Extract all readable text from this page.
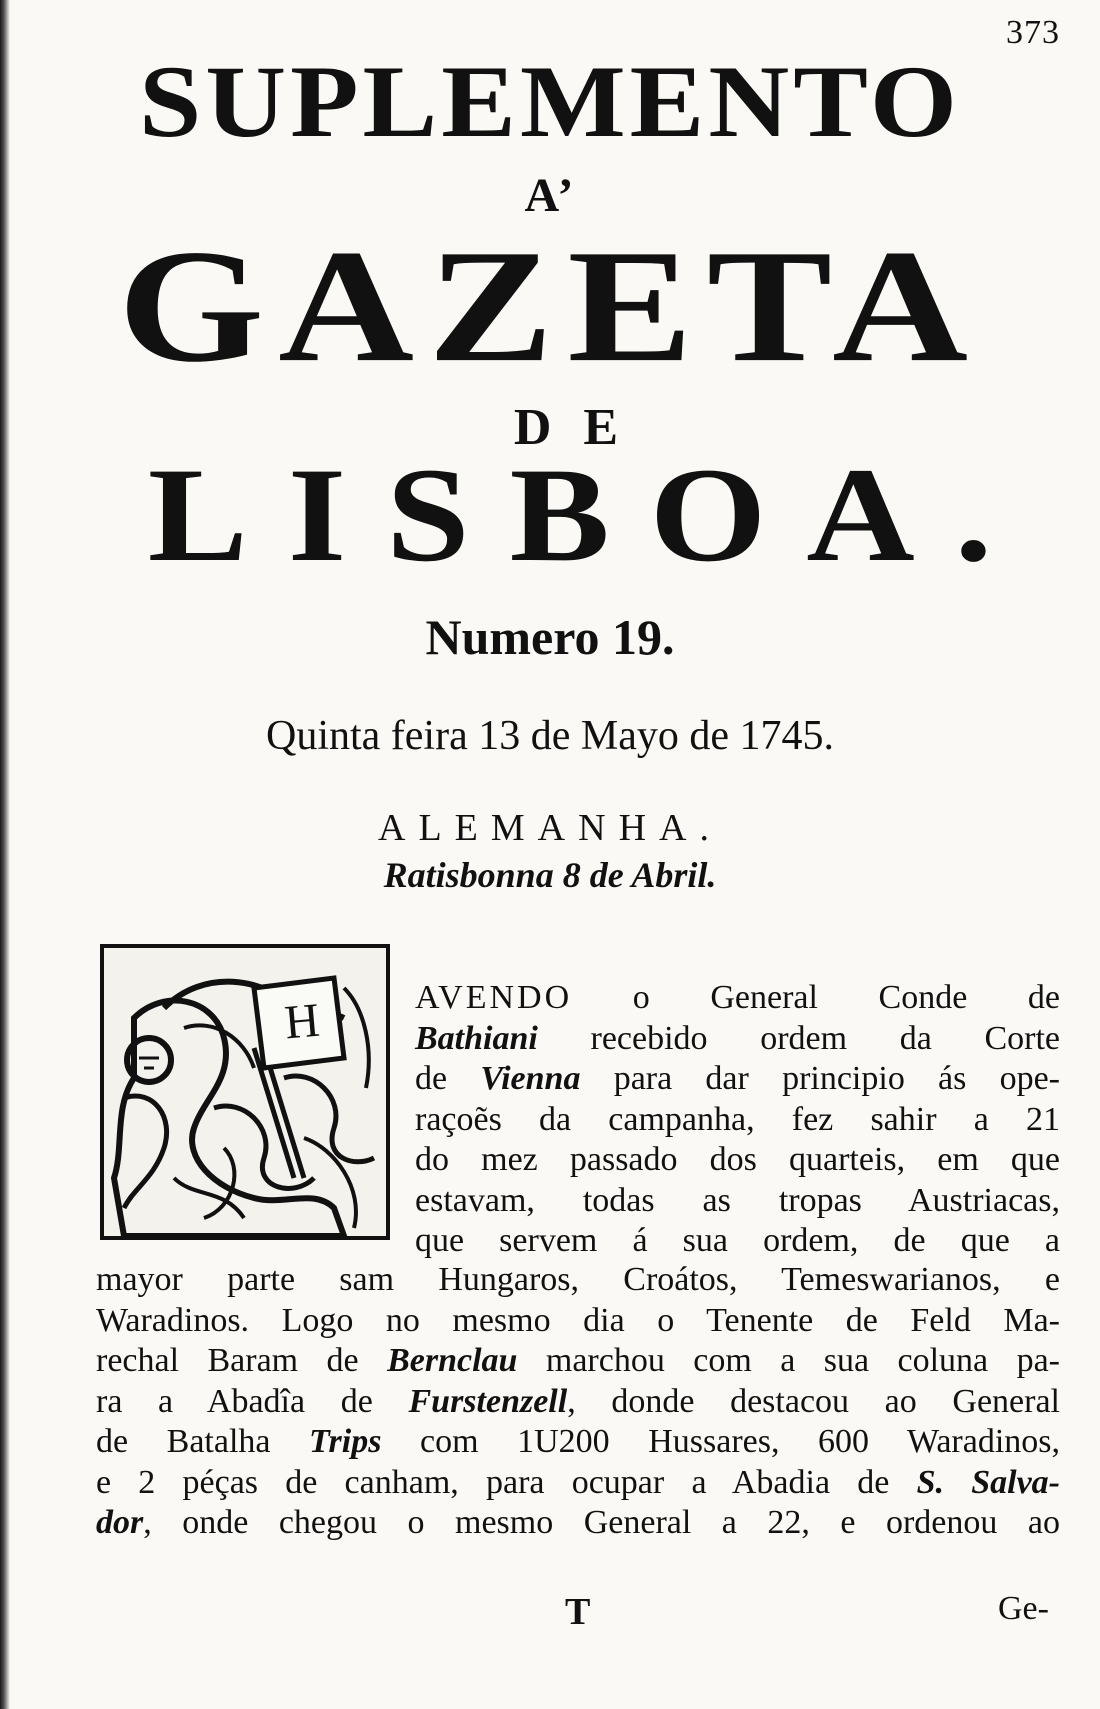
373
SUPLEMENTO
A’
GAZETA
DE
LISBOA.
Numero 19.
Quinta feira 13 de Mayo de 1745.
ALEMANHA.
Ratisbonna 8 de Abril.
H	AVENDO o General Conde de
Bathiani recebido ordem da Corte
de Vienna para dar principio ás ope-
raçoẽs da campanha, fez sahir a 21
do mez passado dos quarteis, em que
estavam, todas as tropas Austriacas,
que servem á sua ordem, de que a
mayor parte sam Hungaros, Croátos, Temeswarianos, e
Waradinos. Logo no mesmo dia o Tenente de Feld Ma-
rechal Baram de Bernclau marchou com a sua coluna pa-
ra a Abadîa de Furstenzell, donde destacou ao General
de Batalha Trips com 1U200 Hussares, 600 Waradinos,
e 2 péças de canham, para ocupar a Abadia de S. Salva-
dor, onde chegou o mesmo General a 22, e ordenou ao
T	Ge-
